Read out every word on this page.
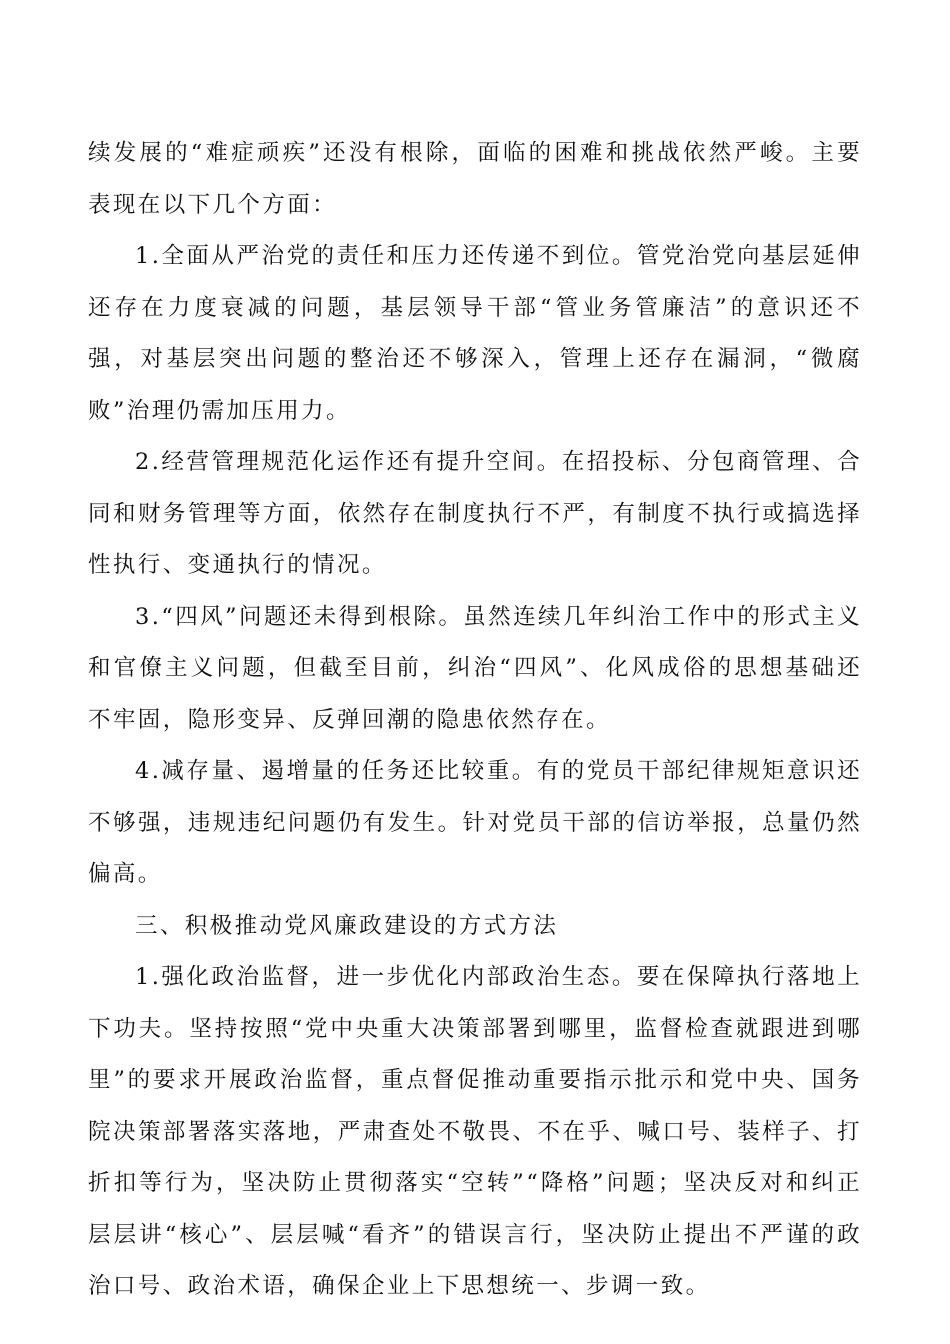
续发展的“难症顽疾”还没有根除，面临的困难和挑战依然严峻。主要表现在以下几个方面：

1.全面从严治党的责任和压力还传递不到位。管党治党向基层延伸还存在力度衰减的问题，基层领导干部“管业务管廉洁”的意识还不强，对基层突出问题的整治还不够深入，管理上还存在漏洞，“微腐败”治理仍需加压用力。

2.经营管理规范化运作还有提升空间。在招投标、分包商管理、合同和财务管理等方面，依然存在制度执行不严，有制度不执行或搞选择性执行、变通执行的情况。

3.“四风”问题还未得到根除。虽然连续几年纠治工作中的形式主义和官僚主义问题，但截至目前，纠治“四风”、化风成俗的思想基础还不牢固，隐形变异、反弹回潮的隐患依然存在。

4.减存量、遏增量的任务还比较重。有的党员干部纪律规矩意识还不够强，违规违纪问题仍有发生。针对党员干部的信访举报，总量仍然偏高。

三、积极推动党风廉政建设的方式方法

1.强化政治监督，进一步优化内部政治生态。要在保障执行落地上下功夫。坚持按照“党中央重大决策部署到哪里，监督检查就跟进到哪里”的要求开展政治监督，重点督促推动重要指示批示和党中央、国务院决策部署落实落地，严肃查处不敬畏、不在乎、喊口号、装样子、打折扣等行为，坚决防止贯彻落实“空转”“降格”问题；坚决反对和纠正层层讲“核心”、层层喊“看齐”的错误言行，坚决防止提出不严谨的政治口号、政治术语，确保企业上下思想统一、步调一致。
